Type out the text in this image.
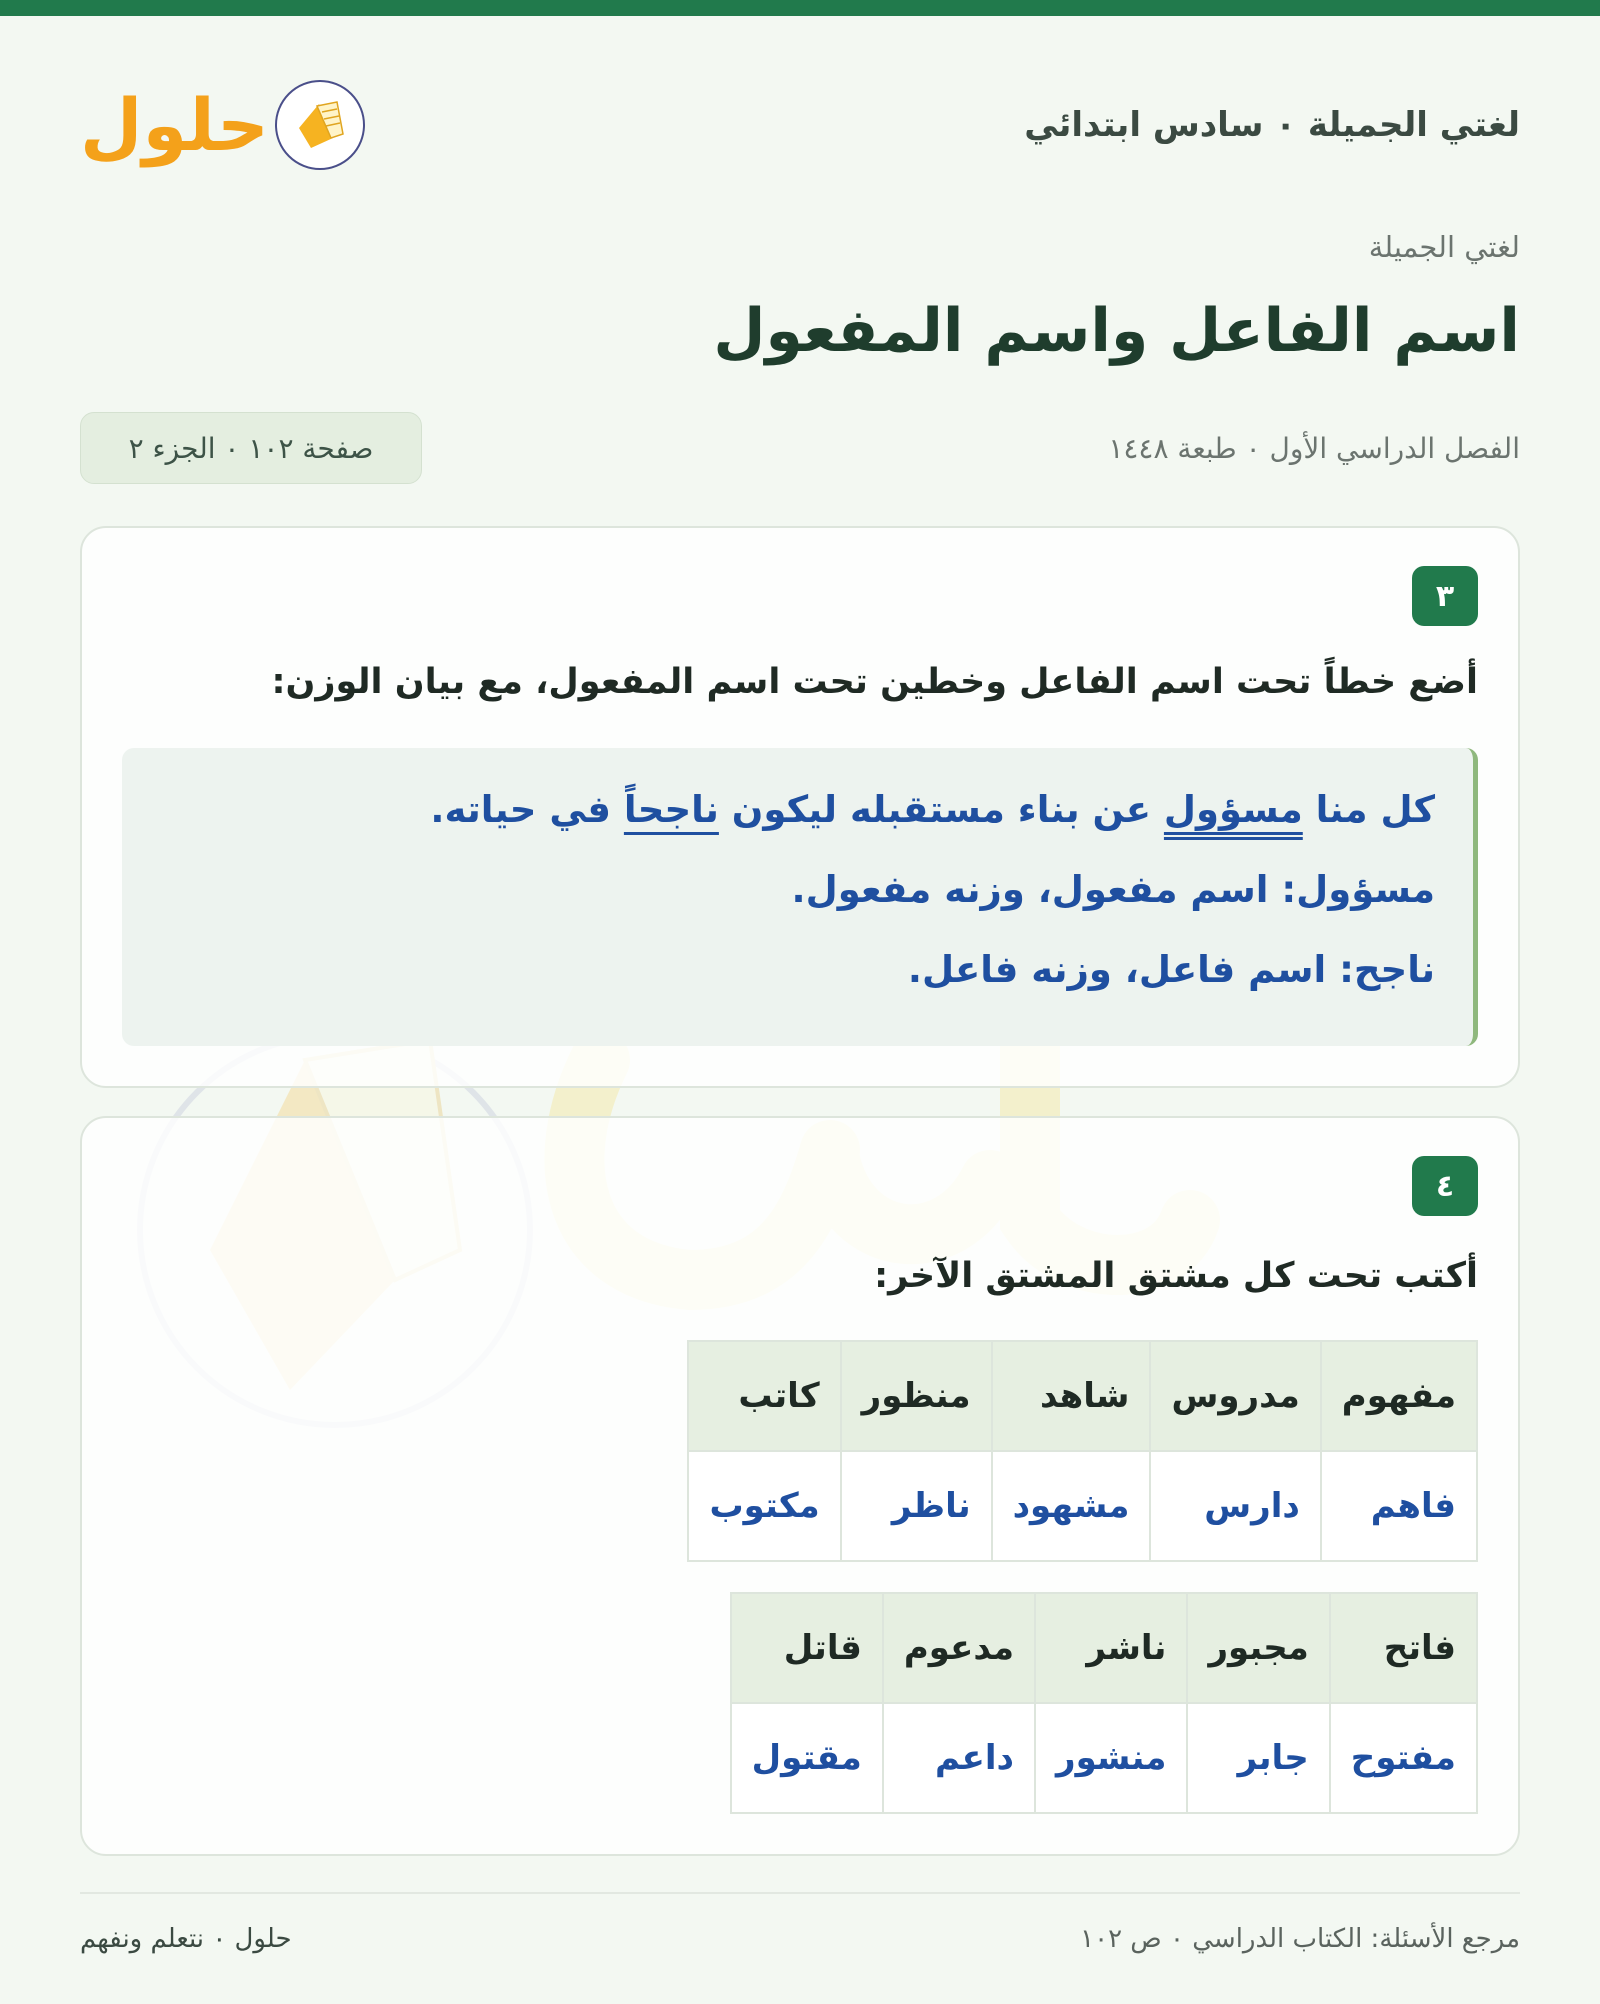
لغتي الجميلة ٠ سادس ابتدائي
حلول
لغتي الجميلة
اسم الفاعل واسم المفعول
الفصل الدراسي الأول ٠ طبعة ١٤٤٨
صفحة ١٠٢ ٠ الجزء ٢
٣
أضع خطاً تحت اسم الفاعل وخطين تحت اسم المفعول، مع بيان الوزن:
كل منا مسؤول عن بناء مستقبله ليكون ناجحاً في حياته.
مسؤول: اسم مفعول، وزنه مفعول.
ناجح: اسم فاعل، وزنه فاعل.
٤
أكتب تحت كل مشتق المشتق الآخر:
مفهوم	مدروس	شاهد	منظور	كاتب
فاهم	دارس	مشهود	ناظر	مكتوب
فاتح	مجبور	ناشر	مدعوم	قاتل
مفتوح	جابر	منشور	داعم	مقتول
مرجع الأسئلة: الكتاب الدراسي ٠ ص ١٠٢
حلول ٠ نتعلم ونفهم
